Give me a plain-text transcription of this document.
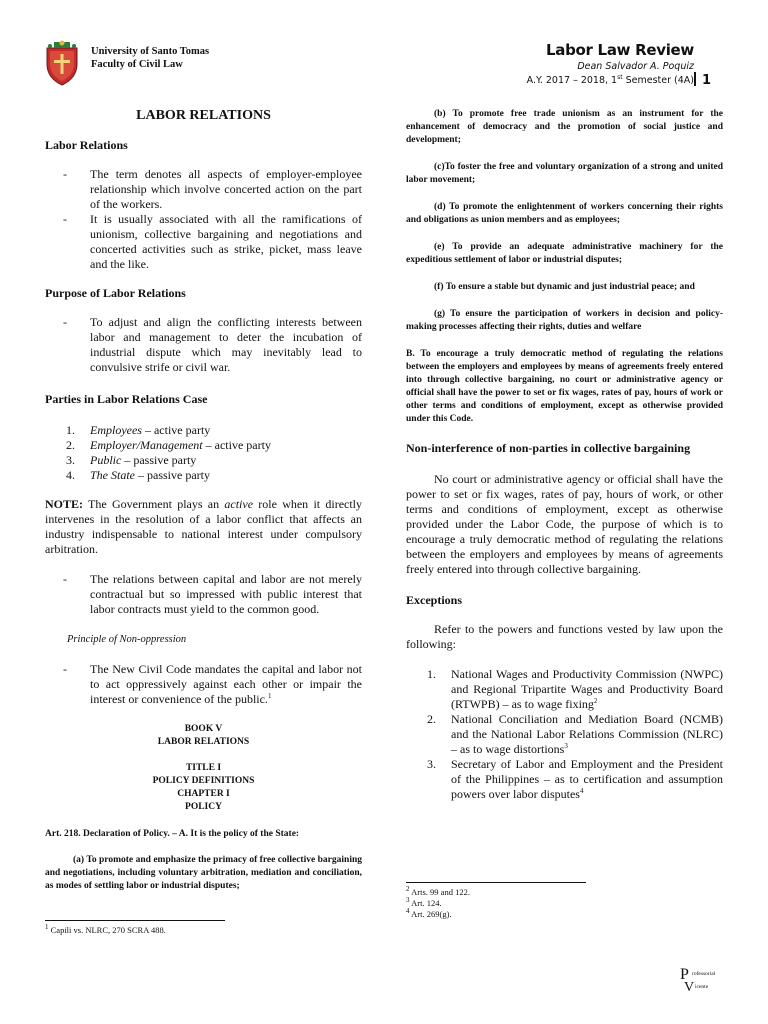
University of Santo Tomas
Faculty of Civil Law
Labor Law Review
Dean Salvador A. Poquiz
A.Y. 2017 – 2018, 1st Semester (4A) 1
LABOR RELATIONS
Labor Relations
-	The term denotes all aspects of employer-employee relationship which involve concerted action on the part of the workers.
-	It is usually associated with all the ramifications of unionism, collective bargaining and negotiations and concerted activities such as strike, picket, mass leave and the like.
Purpose of Labor Relations
-	To adjust and align the conflicting interests between labor and management to deter the incubation of industrial dispute which may inevitably lead to convulsive strife or civil war.
Parties in Labor Relations Case
1.	Employees – active party
2.	Employer/Management – active party
3.	Public – passive party
4.	The State – passive party
NOTE: The Government plays an active role when it directly intervenes in the resolution of a labor conflict that affects an industry indispensable to national interest under compulsory arbitration.
-	The relations between capital and labor are not merely contractual but so impressed with public interest that labor contracts must yield to the common good.
Principle of Non-oppression
-	The New Civil Code mandates the capital and labor not to act oppressively against each other or impair the interest or convenience of the public.$^1$
BOOK V
LABOR RELATIONS
TITLE I
POLICY DEFINITIONS
CHAPTER I
POLICY
Art. 218. Declaration of Policy. – A. It is the policy of the State:
(a) To promote and emphasize the primacy of free collective bargaining and negotiations, including voluntary arbitration, mediation and conciliation, as modes of settling labor or industrial disputes;
$^1$ Capili vs. NLRC, 270 SCRA 488.
(b) To promote free trade unionism as an instrument for the enhancement of democracy and the promotion of social justice and development;
(c)To foster the free and voluntary organization of a strong and united labor movement;
(d) To promote the enlightenment of workers concerning their rights and obligations as union members and as employees;
(e) To provide an adequate administrative machinery for the expeditious settlement of labor or industrial disputes;
(f) To ensure a stable but dynamic and just industrial peace; and
(g) To ensure the participation of workers in decision and policy-making processes affecting their rights, duties and welfare
B. To encourage a truly democratic method of regulating the relations between the employers and employees by means of agreements freely entered into through collective bargaining, no court or administrative agency or official shall have the power to set or fix wages, rates of pay, hours of work or other terms and conditions of employment, except as otherwise provided under this Code.
Non-interference of non-parties in collective bargaining
No court or administrative agency or official shall have the power to set or fix wages, rates of pay, hours of work, or other terms and conditions of employment, except as otherwise provided under the Labor Code, the purpose of which is to encourage a truly democratic method of regulating the relations between the employers and employees by means of agreements freely entered into through collective bargaining.
Exceptions
Refer to the powers and functions vested by law upon the following:
1.	National Wages and Productivity Commission (NWPC) and Regional Tripartite Wages and Productivity Board (RTWPB) – as to wage fixing$^2$
2.	National Conciliation and Mediation Board (NCMB) and the National Labor Relations Commission (NLRC) – as to wage distortions$^3$
3.	Secretary of Labor and Employment and the President of the Philippines – as to certification and assumption powers over labor disputes$^4$
$^2$ Arts. 99 and 122.
$^3$ Art. 124.
$^4$ Art. 269(g).
P
V
rofessorial
icente
